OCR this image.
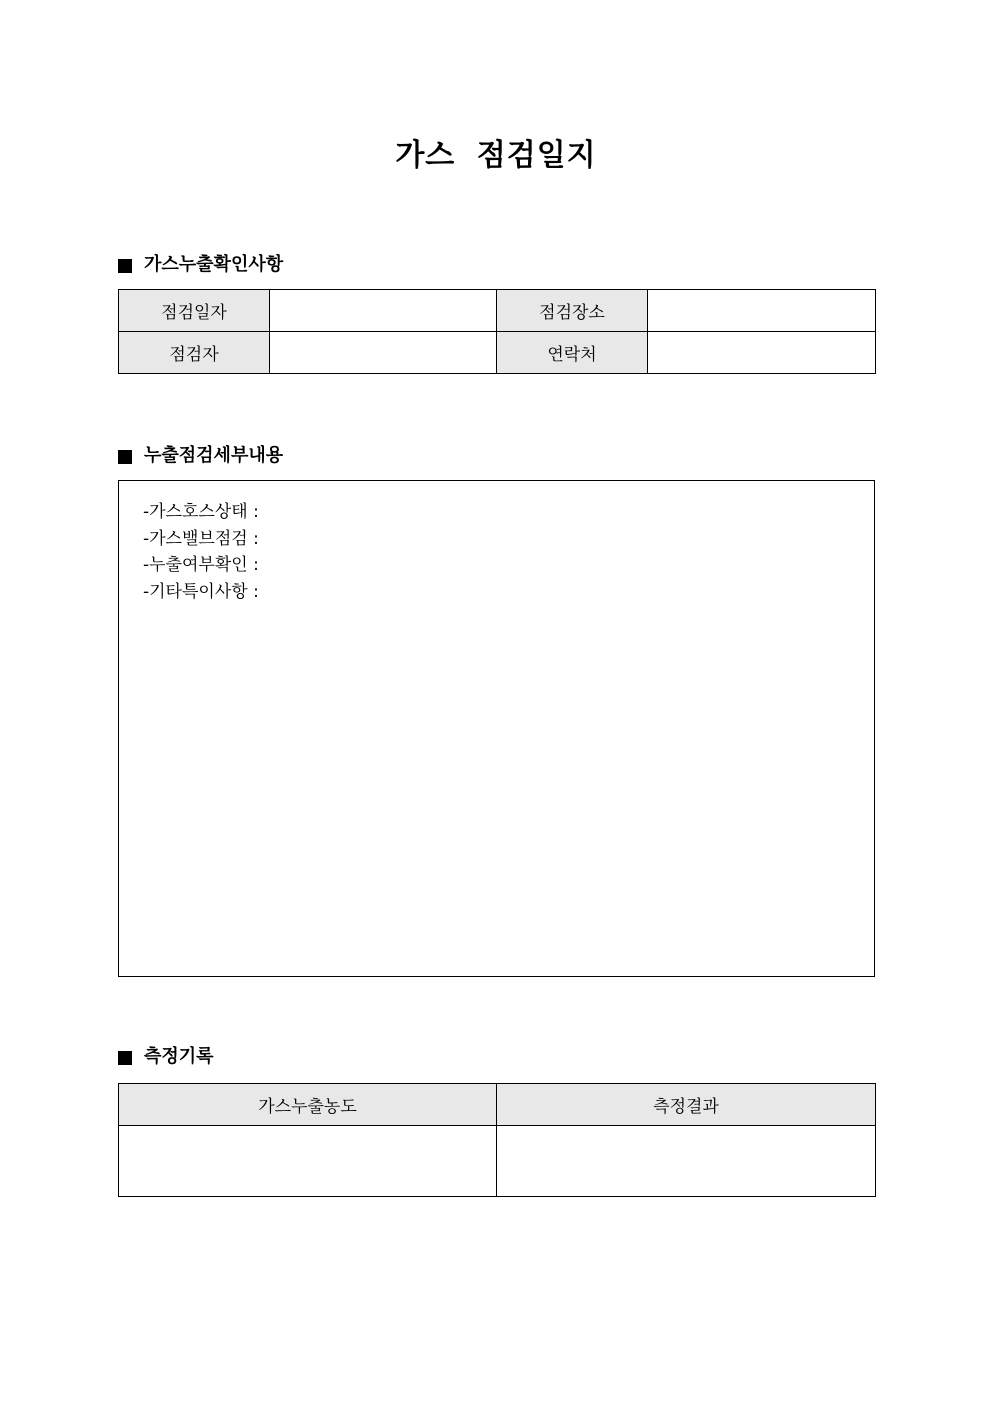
가스 점검일지
가스누출확인사항
점검일자		점검장소	
점검자		연락처	
누출점검세부내용
-가스호스상태 :
-가스밸브점검 :
-누출여부확인 :
-기타특이사항 :
측정기록
가스누출농도	측정결과
